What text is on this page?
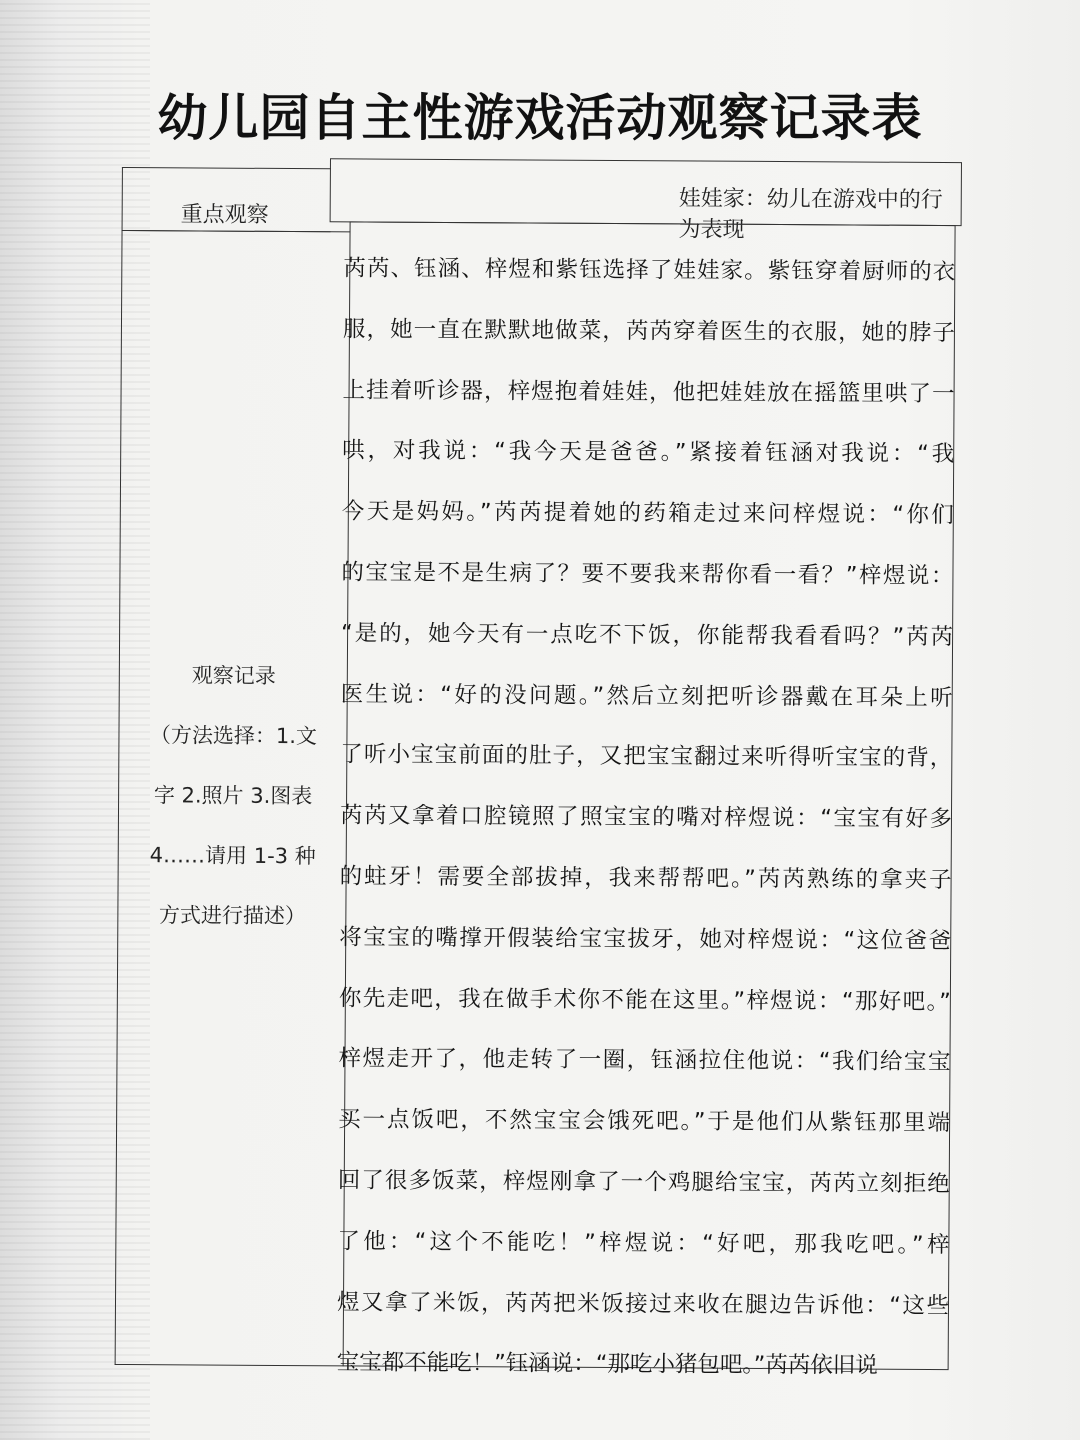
幼儿园自主性游戏活动观察记录表
重点观察
娃娃家：幼儿在游戏中的行为表现
观察记录
（方法选择：1.文
字 2.照片 3.图表
4……请用 1-3 种
方式进行描述）
芮芮、钰涵、梓煜和紫钰选择了娃娃家。紫钰穿着厨师的衣
服，她一直在默默地做菜，芮芮穿着医生的衣服，她的脖子
上挂着听诊器，梓煜抱着娃娃，他把娃娃放在摇篮里哄了一
哄，对我说：“我今天是爸爸。”紧接着钰涵对我说：“我
今天是妈妈。”芮芮提着她的药箱走过来问梓煜说：“你们
的宝宝是不是生病了？要不要我来帮你看一看？”梓煜说：
“是的，她今天有一点吃不下饭，你能帮我看看吗？”芮芮
医生说：“好的没问题。”然后立刻把听诊器戴在耳朵上听
了听小宝宝前面的肚子，又把宝宝翻过来听得听宝宝的背，
芮芮又拿着口腔镜照了照宝宝的嘴对梓煜说：“宝宝有好多
的蛀牙！需要全部拔掉，我来帮帮吧。”芮芮熟练的拿夹子
将宝宝的嘴撑开假装给宝宝拔牙，她对梓煜说：“这位爸爸
你先走吧，我在做手术你不能在这里。”梓煜说：“那好吧。”
梓煜走开了，他走转了一圈，钰涵拉住他说：“我们给宝宝
买一点饭吧，不然宝宝会饿死吧。”于是他们从紫钰那里端
回了很多饭菜，梓煜刚拿了一个鸡腿给宝宝，芮芮立刻拒绝
了他：“这个不能吃！”梓煜说：“好吧，那我吃吧。”梓
煜又拿了米饭，芮芮把米饭接过来收在腿边告诉他：“这些
宝宝都不能吃！”钰涵说：“那吃小猪包吧。”芮芮依旧说
